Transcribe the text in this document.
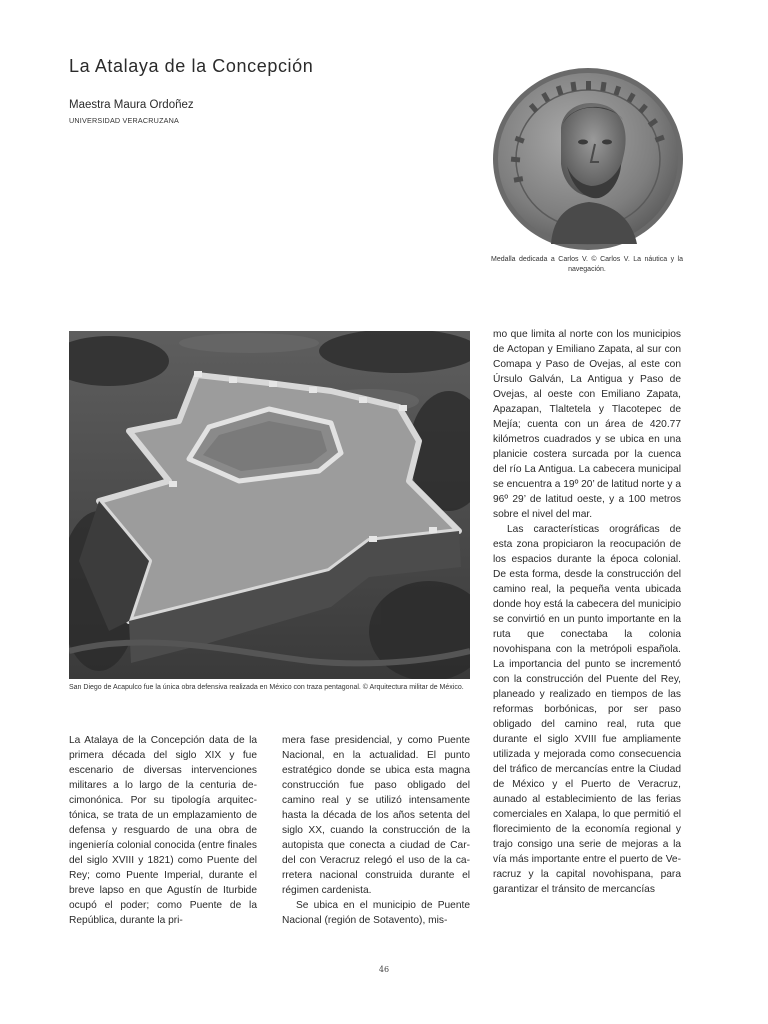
La Atalaya de la Concepción
Maestra Maura Ordoñez
UNIVERSIDAD VERACRUZANA
Medalla dedicada a Carlos V. © Carlos V. La náutica y la navegación.
San Diego de Acapulco fue la única obra defensiva realizada en México con traza pentagonal. © Arquitectura militar de México.

La Atalaya de la Concepción data de la primera década del siglo XIX y fue escenario de diversas intervenciones militares a lo largo de la centuria decimonónica. Por su tipología arquitectónica, se trata de un emplazamiento de defensa y resguardo de una obra de ingeniería colonial conocida (entre finales del siglo XVIII y 1821) como Puente del Rey; como Puente Imperial, durante el breve lapso en que Agustín de Iturbide ocupó el poder; como Puente de la República, durante la pri-

mera fase presidencial, y como Puente Nacional, en la actualidad. El punto estratégico donde se ubica esta magna construcción fue paso obligado del camino real y se utilizó intensamente hasta la década de los años setenta del siglo XX, cuando la construcción de la autopista que conecta a ciudad de Cardel con Veracruz relegó el uso de la carretera nacional construida durante el régimen cardenista.

Se ubica en el municipio de Puente Nacional (región de Sotavento), mis-

mo que limita al norte con los municipios de Actopan y Emiliano Zapata, al sur con Comapa y Paso de Ovejas, al este con Úrsulo Galván, La Antigua y Paso de Ovejas, al oeste con Emiliano Zapata, Apazapan, Tlaltetela y Tlacotepec de Mejía; cuenta con un área de 420.77 kilómetros cuadrados y se ubica en una planicie costera surcada por la cuenca del río La Antigua. La cabecera municipal se encuentra a 19º 20’ de latitud norte y a 96º 29’ de latitud oeste, y a 100 metros sobre el nivel del mar.

Las características orográficas de esta zona propiciaron la reocupación de los espacios durante la época colonial. De esta forma, desde la construcción del camino real, la pequeña venta ubicada donde hoy está la cabecera del municipio se convirtió en un punto importante en la ruta que conectaba la colonia novohispana con la metrópoli española. La importancia del punto se incrementó con la construcción del Puente del Rey, planeado y realizado en tiempos de las reformas borbónicas, por ser paso obligado del camino real, ruta que durante el siglo XVIII fue ampliamente utilizada y mejorada como consecuencia del tráfico de mercancías entre la Ciudad de México y el Puerto de Veracruz, aunado al establecimiento de las ferias comerciales en Xalapa, lo que permitió el florecimiento de la economía regional y trajo consigo una serie de mejoras a la vía más importante entre el puerto de Veracruz y la capital novohispana, para garantizar el tránsito de mercancías

46
